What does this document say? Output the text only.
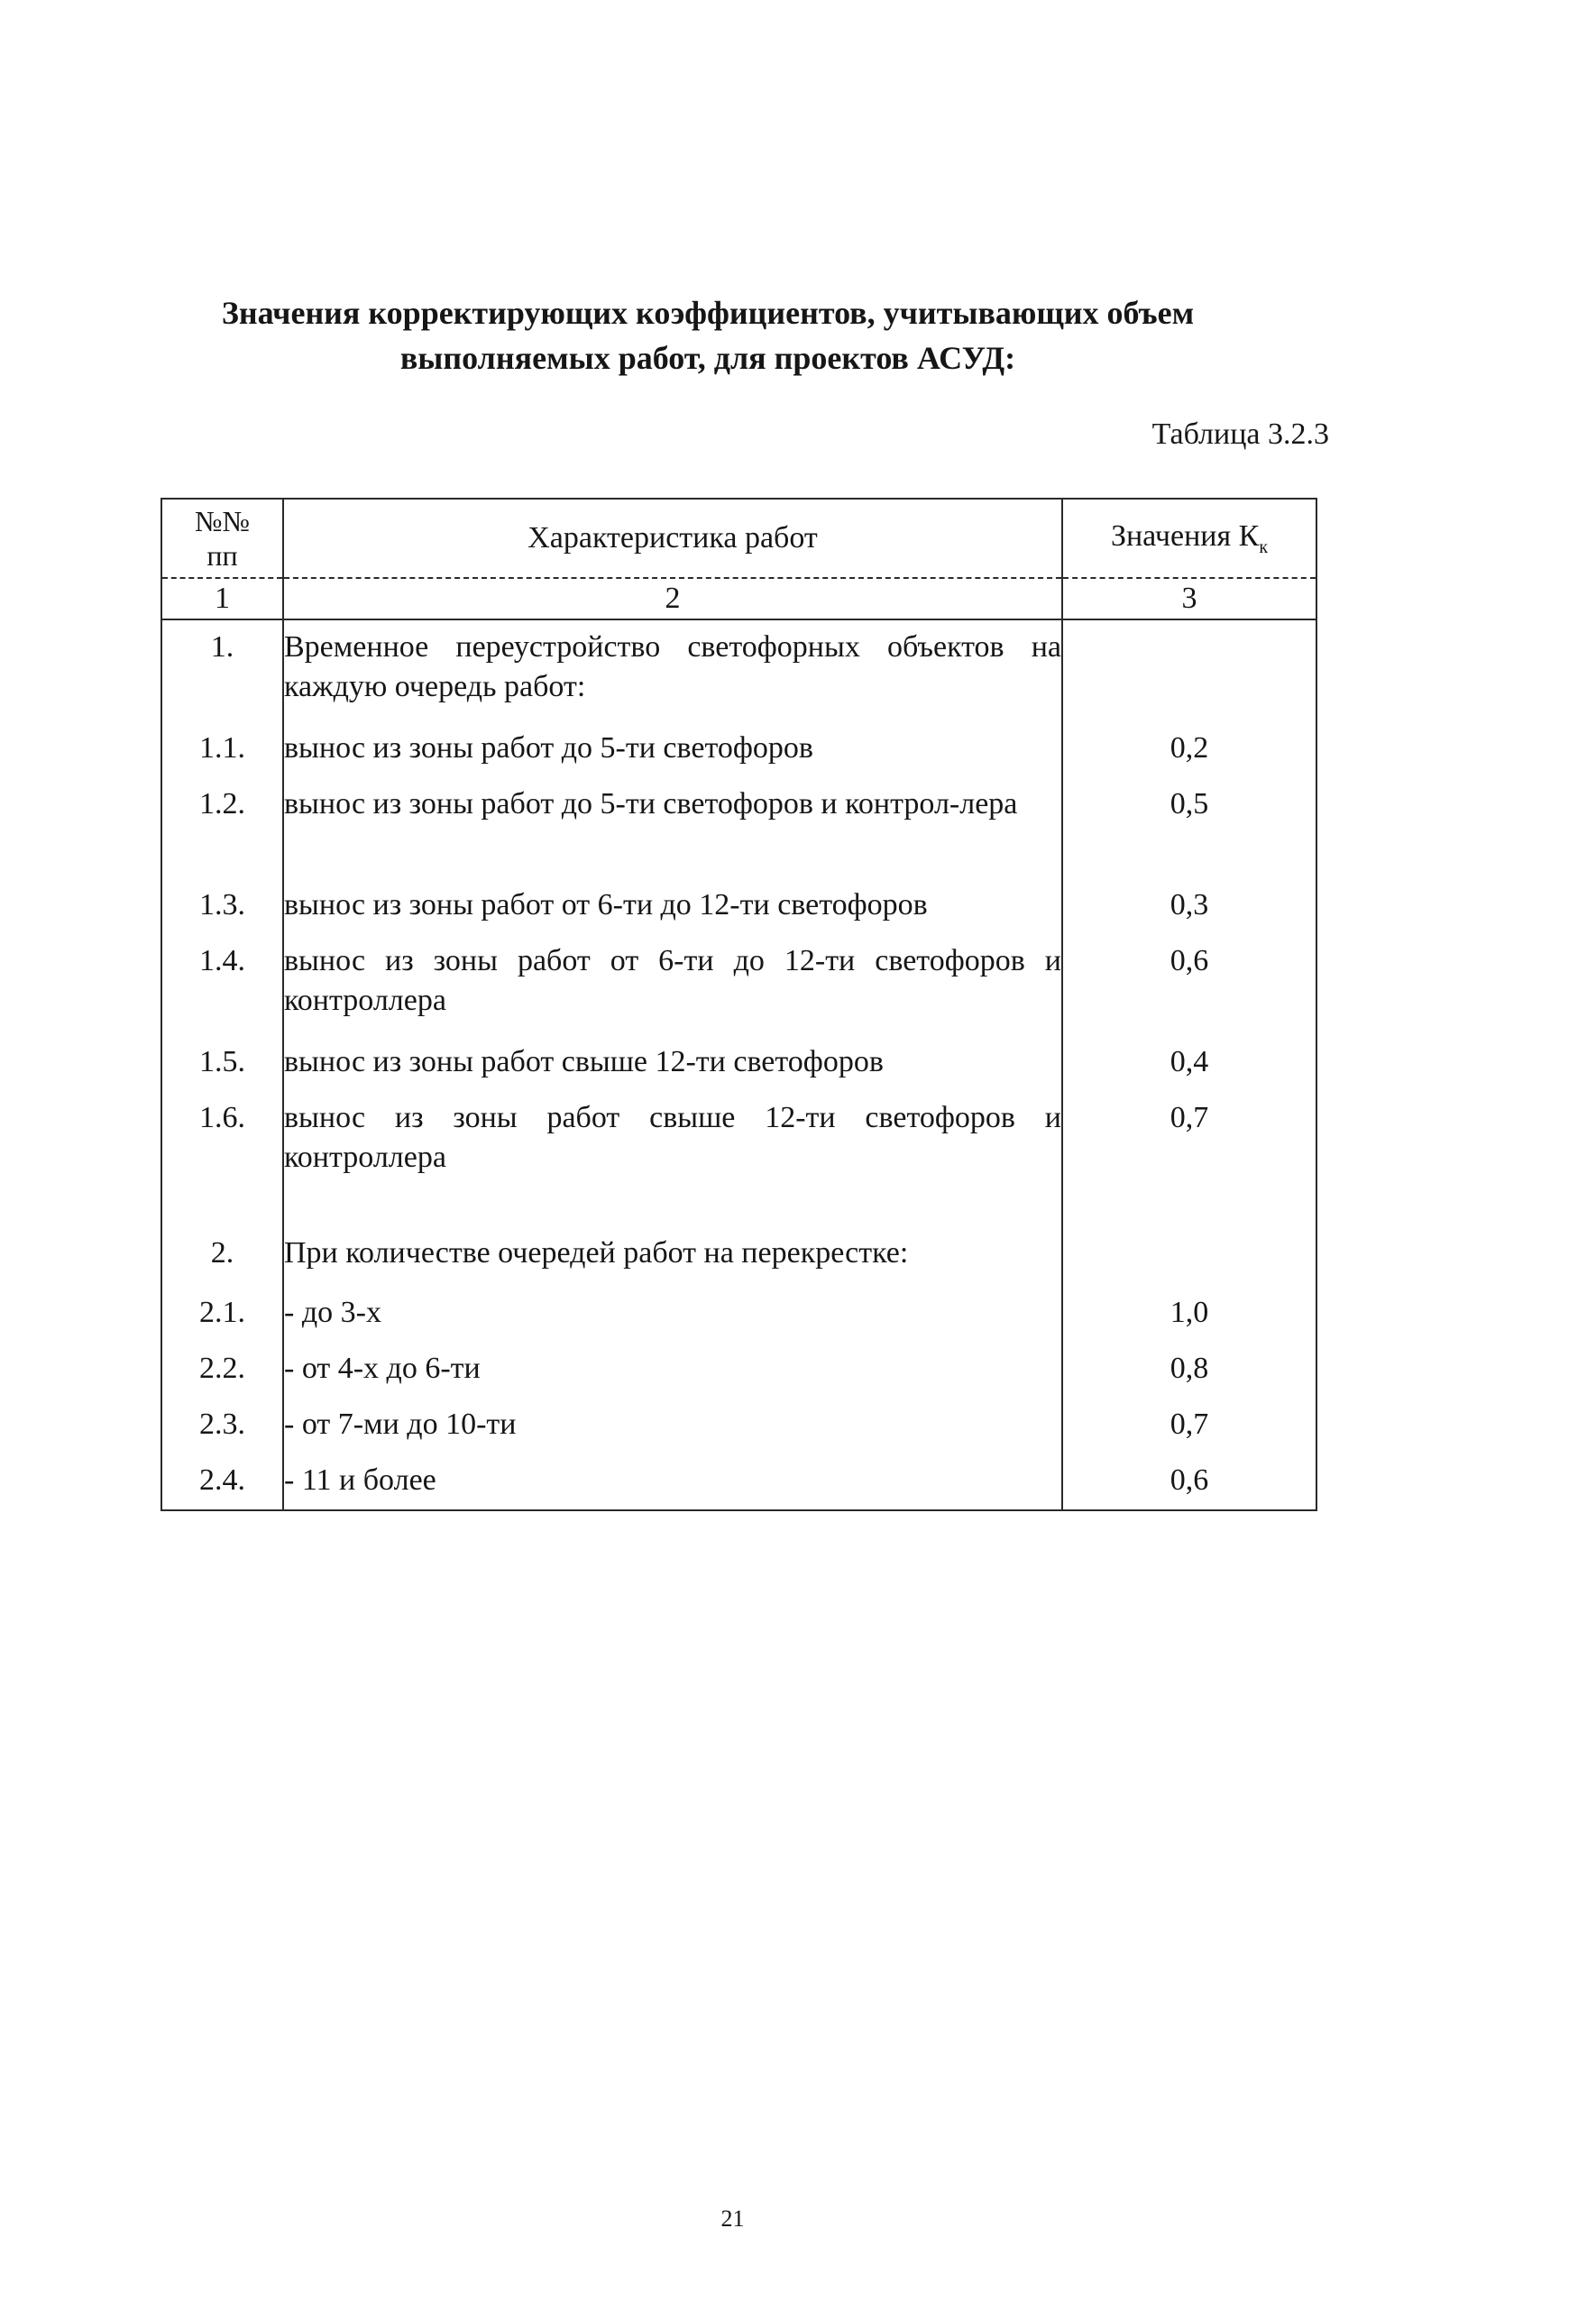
Значения корректирующих коэффициентов, учитывающих объем
выполняемых работ, для проектов АСУД:

Таблица 3.2.3

№№
пп	Характеристика работ	Значения $К_к$
1	2	3
1.	Временное переустройство светофорных объектов на каждую очередь работ:	
1.1.	вынос из зоны работ до 5-ти светофоров	0,2
1.2.	вынос из зоны работ до 5-ти светофоров и контрол-лера	0,5
1.3.	вынос из зоны работ от 6-ти до 12-ти светофоров	0,3
1.4.	вынос из зоны работ от 6-ти до 12-ти светофоров и контроллера	0,6
1.5.	вынос из зоны работ свыше 12-ти светофоров	0,4
1.6.	вынос из зоны работ свыше 12-ти светофоров и контроллера	0,7
2.	При количестве очередей работ на перекрестке:	
2.1.	- до 3-х	1,0
2.2.	- от 4-х до 6-ти	0,8
2.3.	- от 7-ми до 10-ти	0,7
2.4.	- 11 и более	0,6

21
